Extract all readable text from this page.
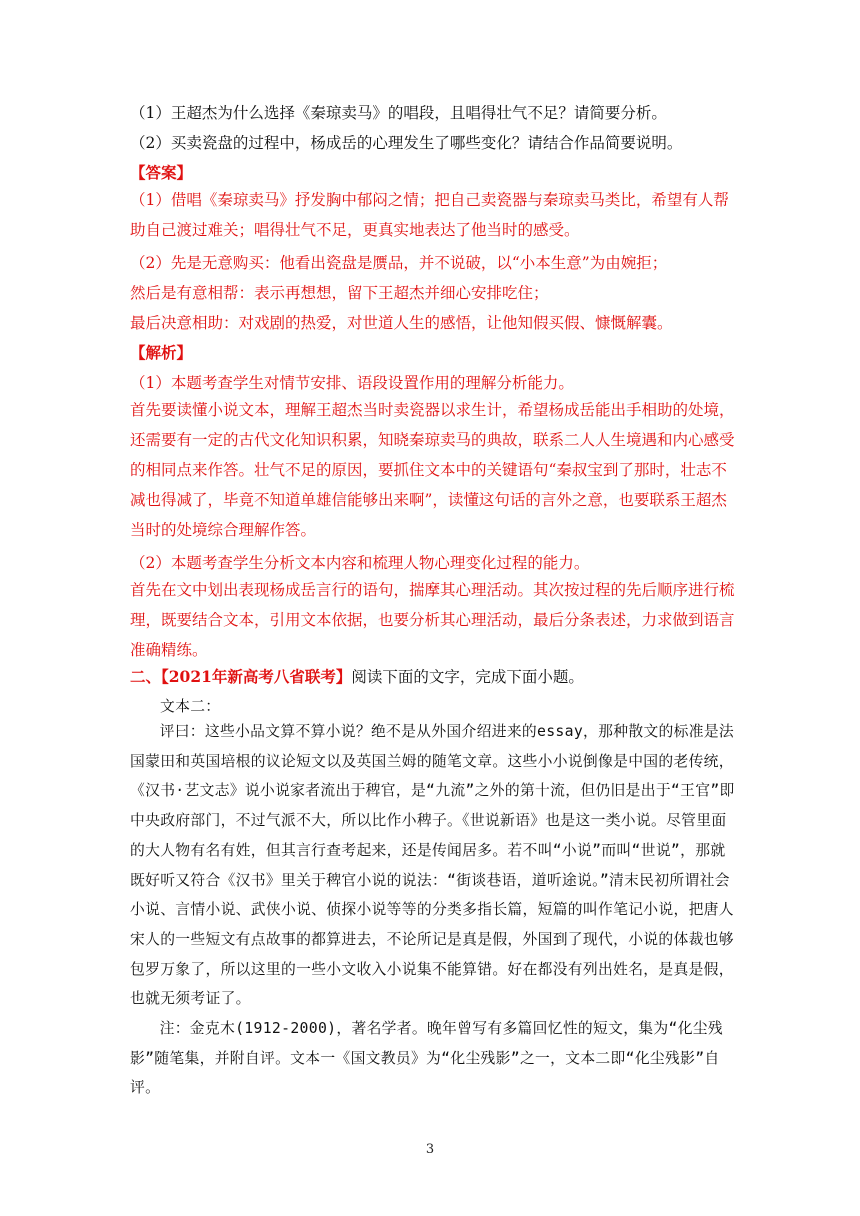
（1）王超杰为什么选择《秦琼卖马》的唱段，且唱得壮气不足？请简要分析。
（2）买卖瓷盘的过程中，杨成岳的心理发生了哪些变化？请结合作品简要说明。
【答案】
（1）借唱《秦琼卖马》抒发胸中郁闷之情；把自己卖瓷器与秦琼卖马类比，希望有人帮助自己渡过难关；唱得壮气不足，更真实地表达了他当时的感受。
（2）先是无意购买：他看出瓷盘是赝品，并不说破，以“小本生意”为由婉拒；
然后是有意相帮：表示再想想，留下王超杰并细心安排吃住；
最后决意相助：对戏剧的热爱，对世道人生的感悟，让他知假买假、慷慨解囊。
【解析】
（1）本题考查学生对情节安排、语段设置作用的理解分析能力。
首先要读懂小说文本，理解王超杰当时卖瓷器以求生计，希望杨成岳能出手相助的处境，还需要有一定的古代文化知识积累，知晓秦琼卖马的典故，联系二人人生境遇和内心感受的相同点来作答。壮气不足的原因，要抓住文本中的关键语句“秦叔宝到了那时，壮志不减也得减了，毕竟不知道单雄信能够出来啊”，读懂这句话的言外之意，也要联系王超杰当时的处境综合理解作答。
（2）本题考查学生分析文本内容和梳理人物心理变化过程的能力。
首先在文中划出表现杨成岳言行的语句，揣摩其心理活动。其次按过程的先后顺序进行梳理，既要结合文本，引用文本依据，也要分析其心理活动，最后分条表述，力求做到语言准确精练。
二、【2021年新高考八省联考】阅读下面的文字，完成下面小题。
文本二：
评曰：这些小品文算不算小说？绝不是从外国介绍进来的essay，那种散文的标准是法国蒙田和英国培根的议论短文以及英国兰姆的随笔文章。这些小小说倒像是中国的老传统，《汉书·艺文志》说小说家者流出于稗官，是“九流”之外的第十流，但仍旧是出于“王官”即中央政府部门，不过气派不大，所以比作小稗子。《世说新语》也是这一类小说。尽管里面的大人物有名有姓，但其言行查考起来，还是传闻居多。若不叫“小说”而叫“世说”，那就既好听又符合《汉书》里关于稗官小说的说法：“街谈巷语，道听途说。”清末民初所谓社会小说、言情小说、武侠小说、侦探小说等等的分类多指长篇，短篇的叫作笔记小说，把唐人宋人的一些短文有点故事的都算进去，不论所记是真是假，外国到了现代，小说的体裁也够包罗万象了，所以这里的一些小文收入小说集不能算错。好在都没有列出姓名，是真是假，也就无须考证了。
注：金克木(1912-2000)，著名学者。晚年曾写有多篇回忆性的短文，集为“化尘残影”随笔集，并附自评。文本一《国文教员》为“化尘残影”之一，文本二即“化尘残影”自评。
3
